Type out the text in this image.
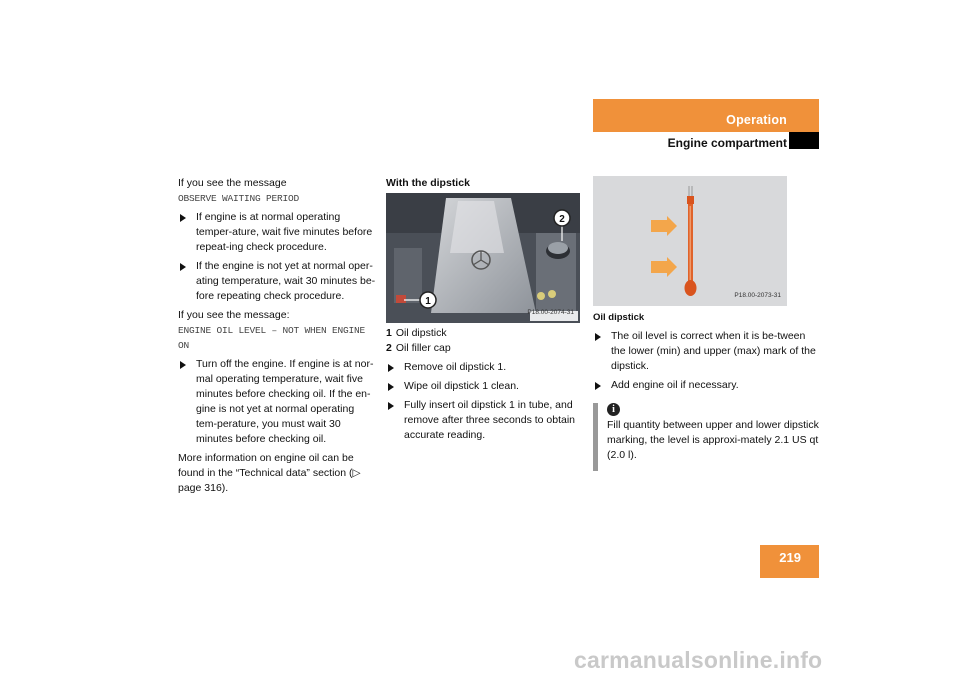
Operation
Engine compartment
If you see the message
OBSERVE WAITING PERIOD
If engine is at normal operating temper-ature, wait five minutes before repeat-ing check procedure.
If the engine is not yet at normal oper-ating temperature, wait 30 minutes be-fore repeating check procedure.
If you see the message:
ENGINE OIL LEVEL – NOT WHEN ENGINE ON
Turn off the engine. If engine is at nor-mal operating temperature, wait five minutes before checking oil. If the en-gine is not yet at normal operating tem-perature, you must wait 30 minutes before checking oil.
More information on engine oil can be found in the “Technical data” section (▷ page 316).
With the dipstick
1
2
P18.00-2074-31
1 Oil dipstick
2 Oil filler cap
Remove oil dipstick 1.
Wipe oil dipstick 1 clean.
Fully insert oil dipstick 1 in tube, and remove after three seconds to obtain accurate reading.
P18.00-2073-31
Oil dipstick
The oil level is correct when it is be-tween the lower (min) and upper (max) mark of the dipstick.
Add engine oil if necessary.
i
Fill quantity between upper and lower dipstick marking, the level is approxi-mately 2.1 US qt (2.0 l).
219
carmanualsonline.info
